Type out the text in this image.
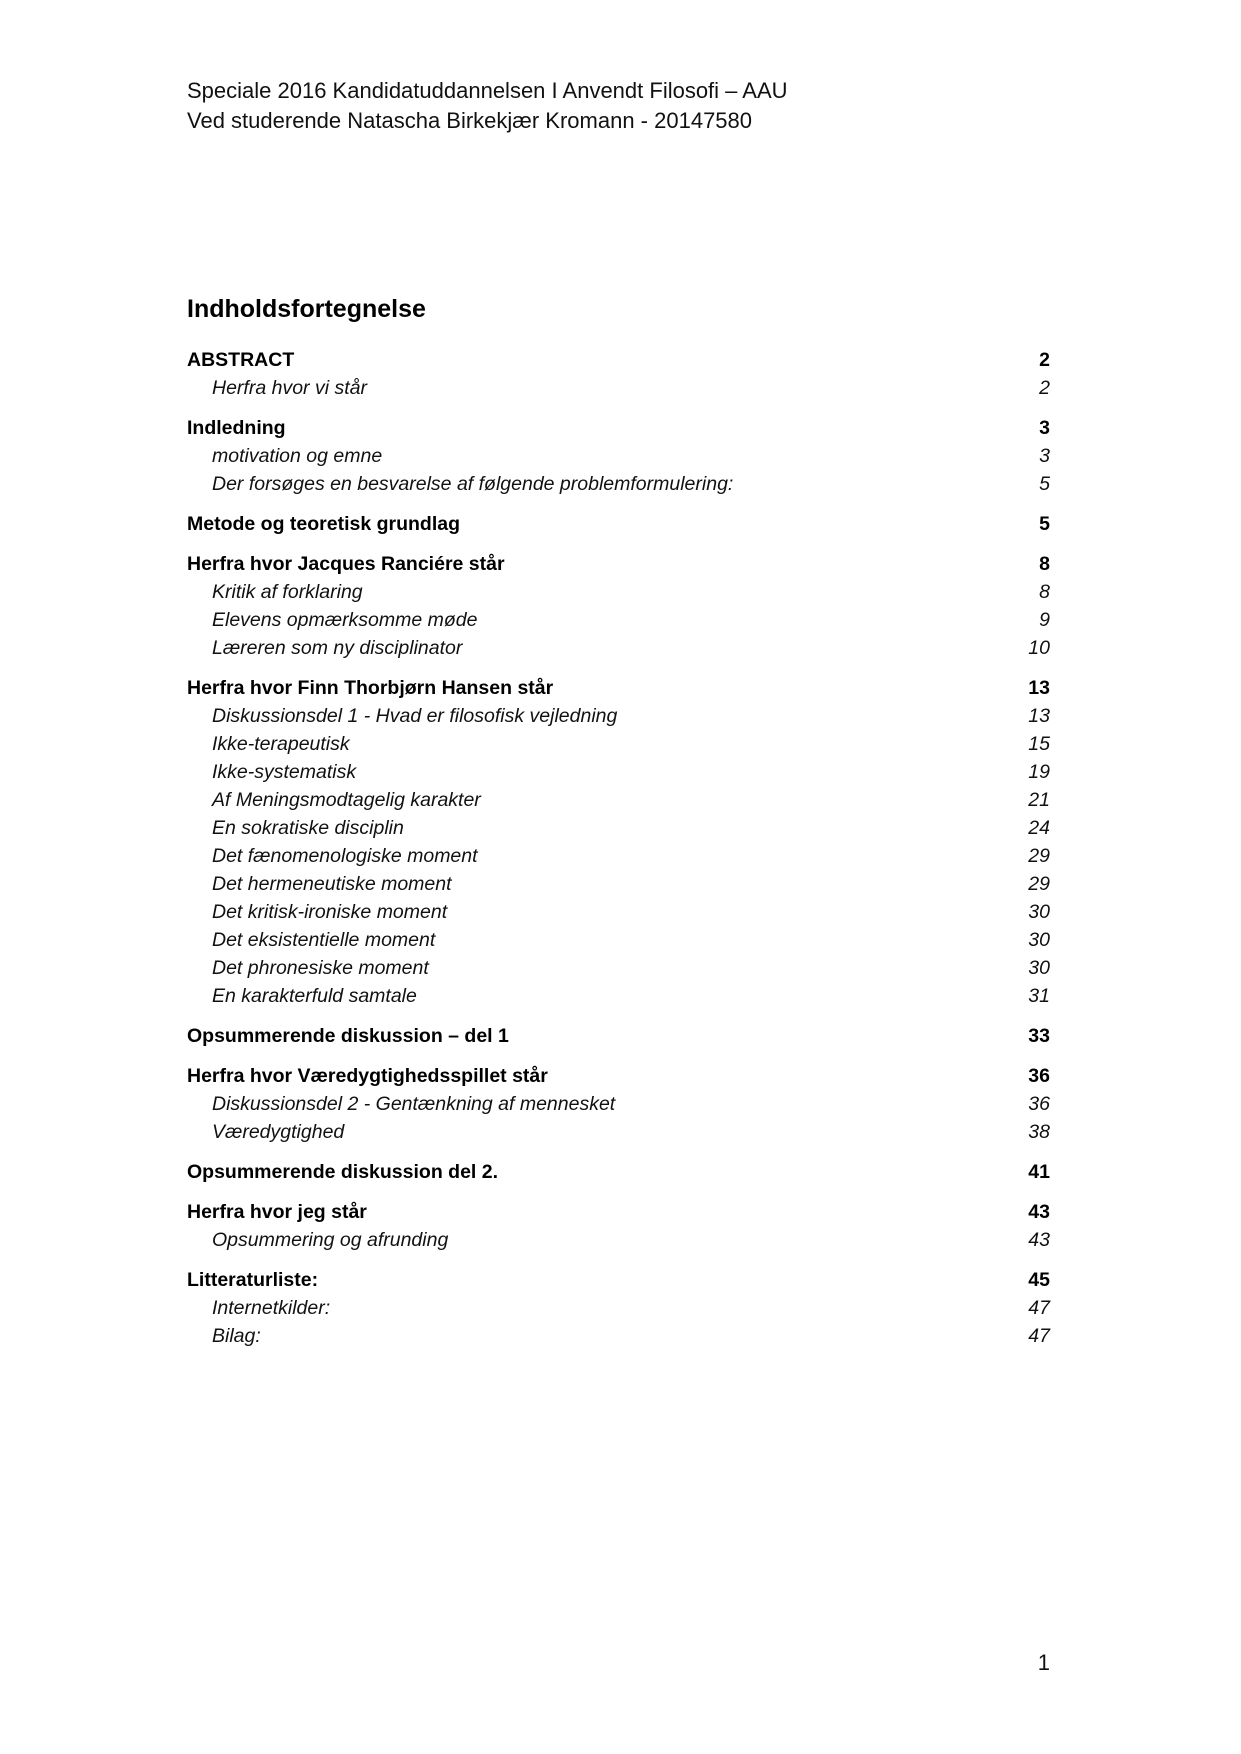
Speciale 2016 Kandidatuddannelsen I Anvendt Filosofi – AAU
Ved studerende Natascha Birkekjær Kromann - 20147580
Indholdsfortegnelse
ABSTRACT	2
Herfra hvor vi står	2
Indledning	3
motivation og emne	3
Der forsøges en besvarelse af følgende problemformulering:	5
Metode og teoretisk grundlag	5
Herfra hvor Jacques Ranciére står	8
Kritik af forklaring	8
Elevens opmærksomme møde	9
Læreren som ny disciplinator	10
Herfra hvor Finn Thorbjørn Hansen står	13
Diskussionsdel 1 - Hvad er filosofisk vejledning	13
Ikke-terapeutisk	15
Ikke-systematisk	19
Af Meningsmodtagelig karakter	21
En sokratiske disciplin	24
Det fænomenologiske moment	29
Det hermeneutiske moment	29
Det kritisk-ironiske moment	30
Det eksistentielle moment	30
Det phronesiske moment	30
En karakterfuld samtale	31
Opsummerende diskussion – del 1	33
Herfra hvor Væredygtighedsspillet står	36
Diskussionsdel 2 - Gentænkning af mennesket	36
Væredygtighed	38
Opsummerende diskussion del 2.	41
Herfra hvor jeg står	43
Opsummering og afrunding	43
Litteraturliste:	45
Internetkilder:	47
Bilag:	47
1
